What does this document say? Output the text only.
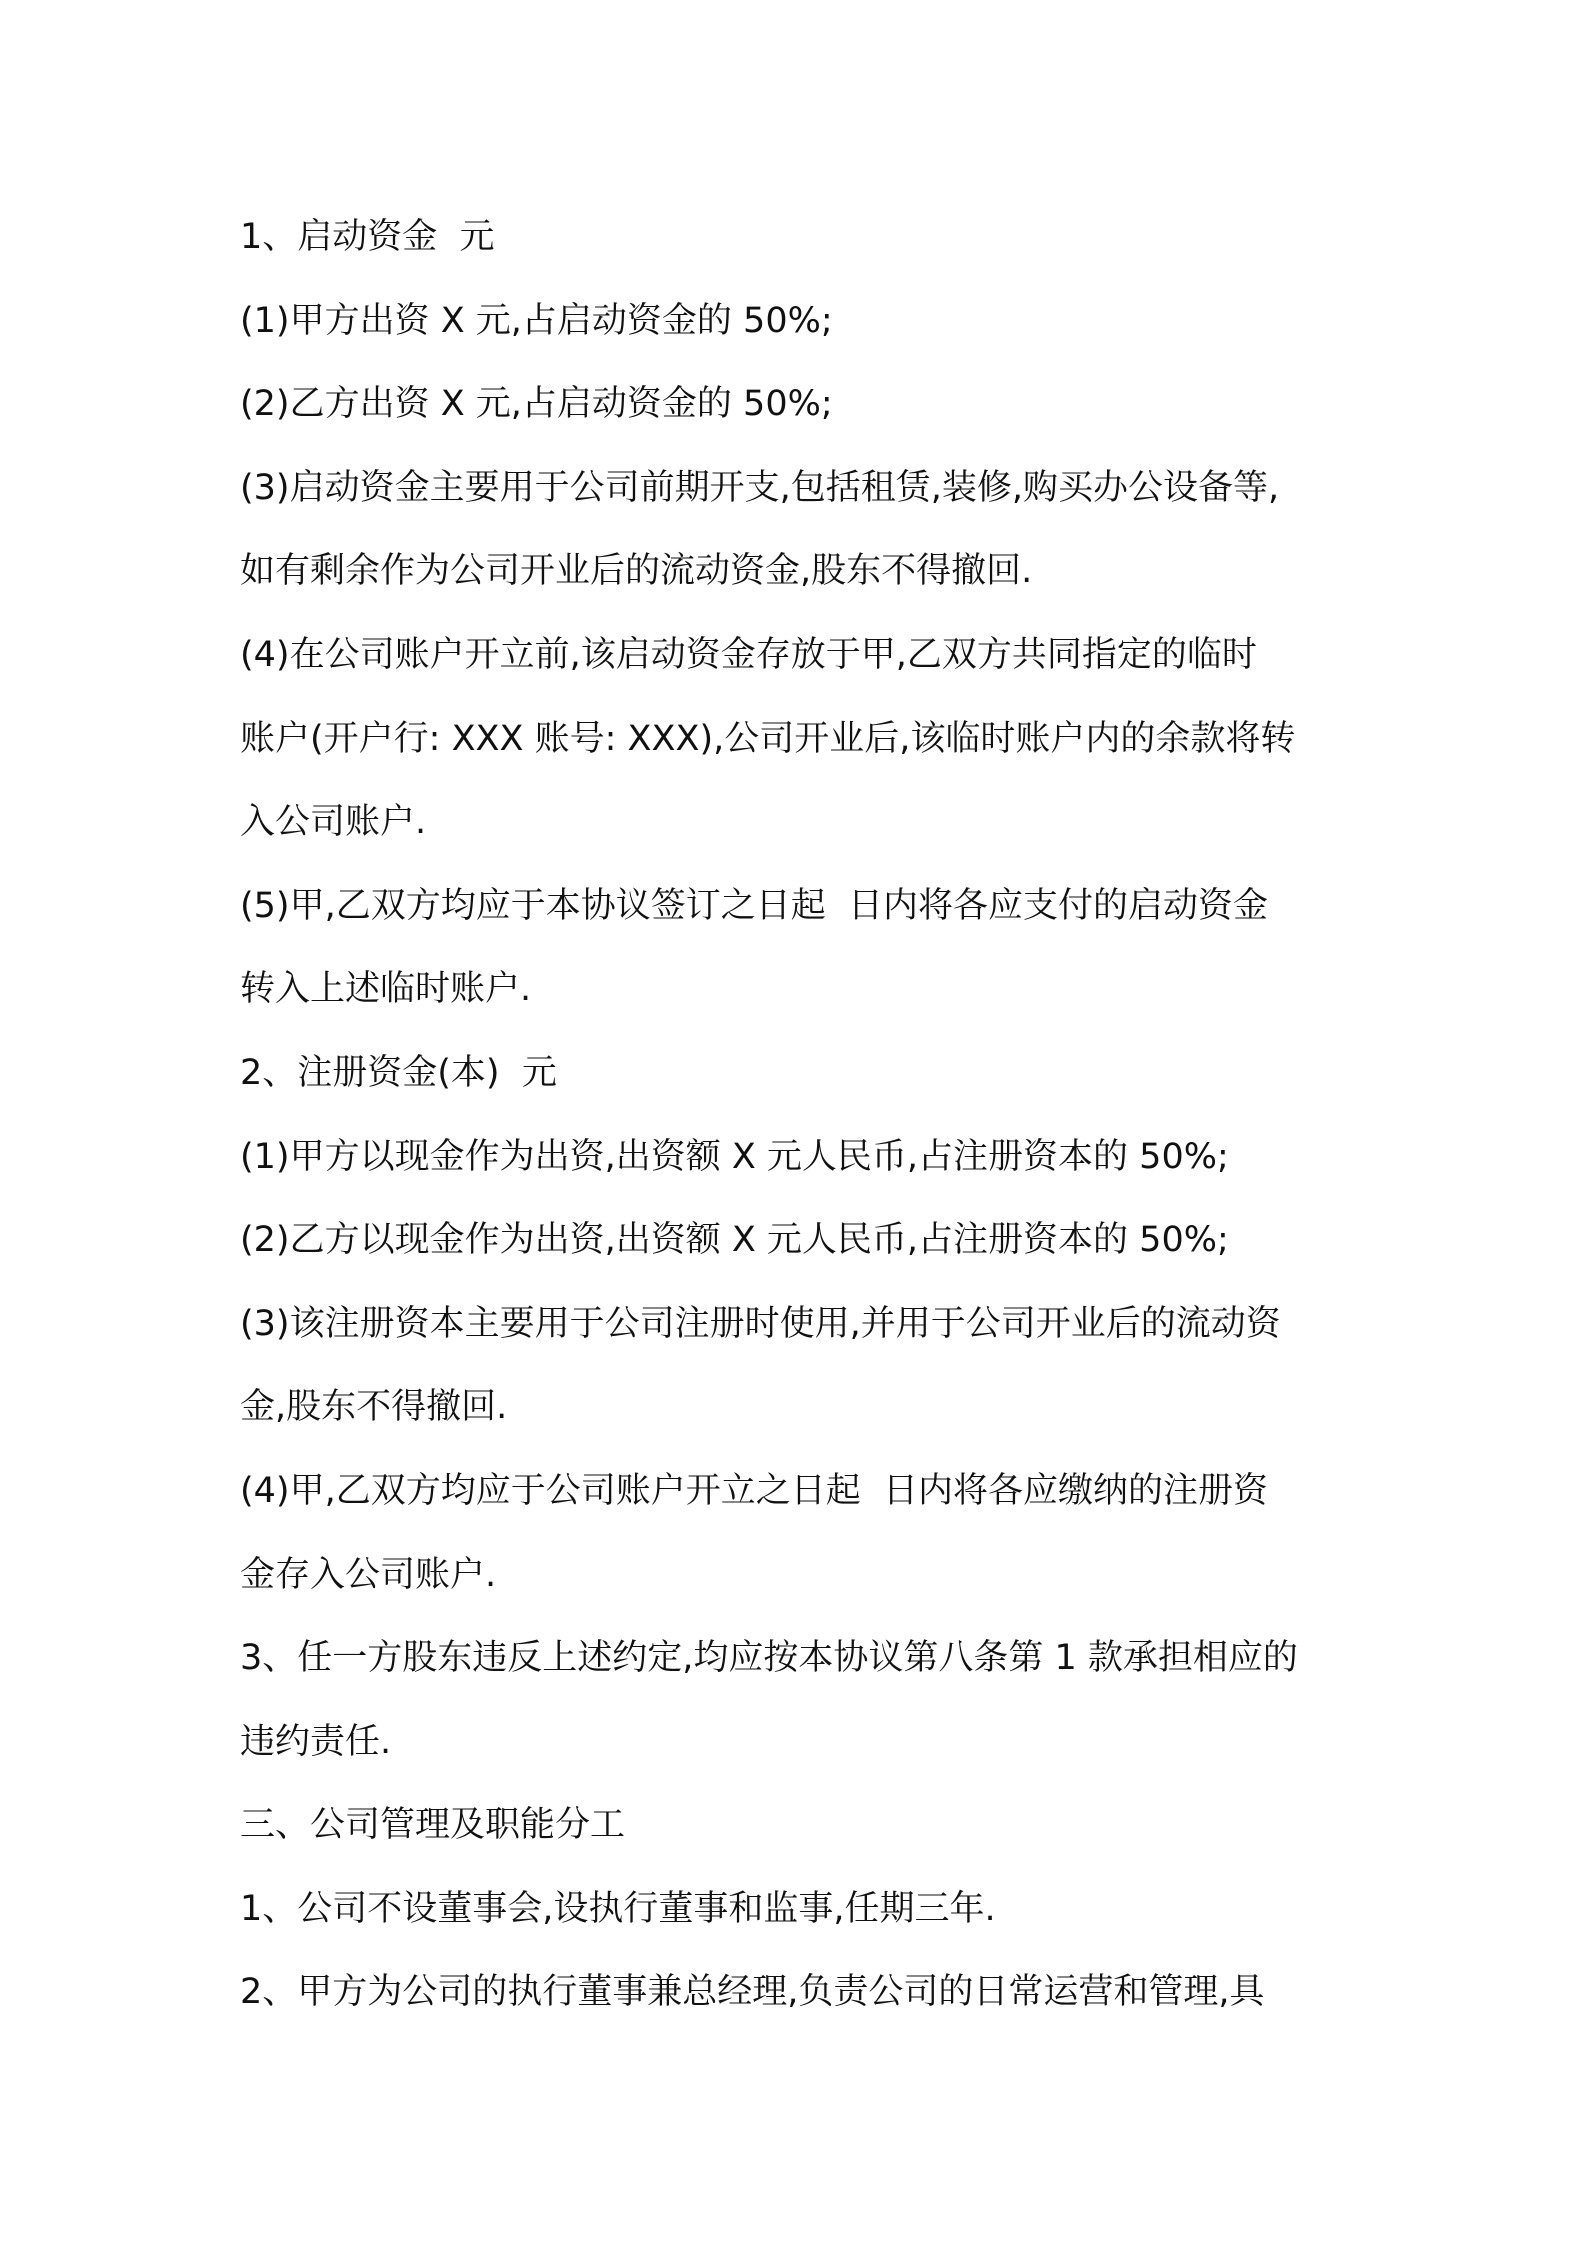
1、启动资金  元

(1)甲方出资 X 元,占启动资金的 50%;

(2)乙方出资 X 元,占启动资金的 50%;

(3)启动资金主要用于公司前期开支,包括租赁,装修,购买办公设备等,

如有剩余作为公司开业后的流动资金,股东不得撤回.

(4)在公司账户开立前,该启动资金存放于甲,乙双方共同指定的临时

账户(开户行: XXX 账号: XXX),公司开业后,该临时账户内的余款将转

入公司账户.

(5)甲,乙双方均应于本协议签订之日起  日内将各应支付的启动资金

转入上述临时账户.

2、注册资金(本)  元

(1)甲方以现金作为出资,出资额 X 元人民币,占注册资本的 50%;

(2)乙方以现金作为出资,出资额 X 元人民币,占注册资本的 50%;

(3)该注册资本主要用于公司注册时使用,并用于公司开业后的流动资

金,股东不得撤回.

(4)甲,乙双方均应于公司账户开立之日起  日内将各应缴纳的注册资

金存入公司账户.

3、任一方股东违反上述约定,均应按本协议第八条第 1 款承担相应的

违约责任.

三、公司管理及职能分工

1、公司不设董事会,设执行董事和监事,任期三年.

2、甲方为公司的执行董事兼总经理,负责公司的日常运营和管理,具
